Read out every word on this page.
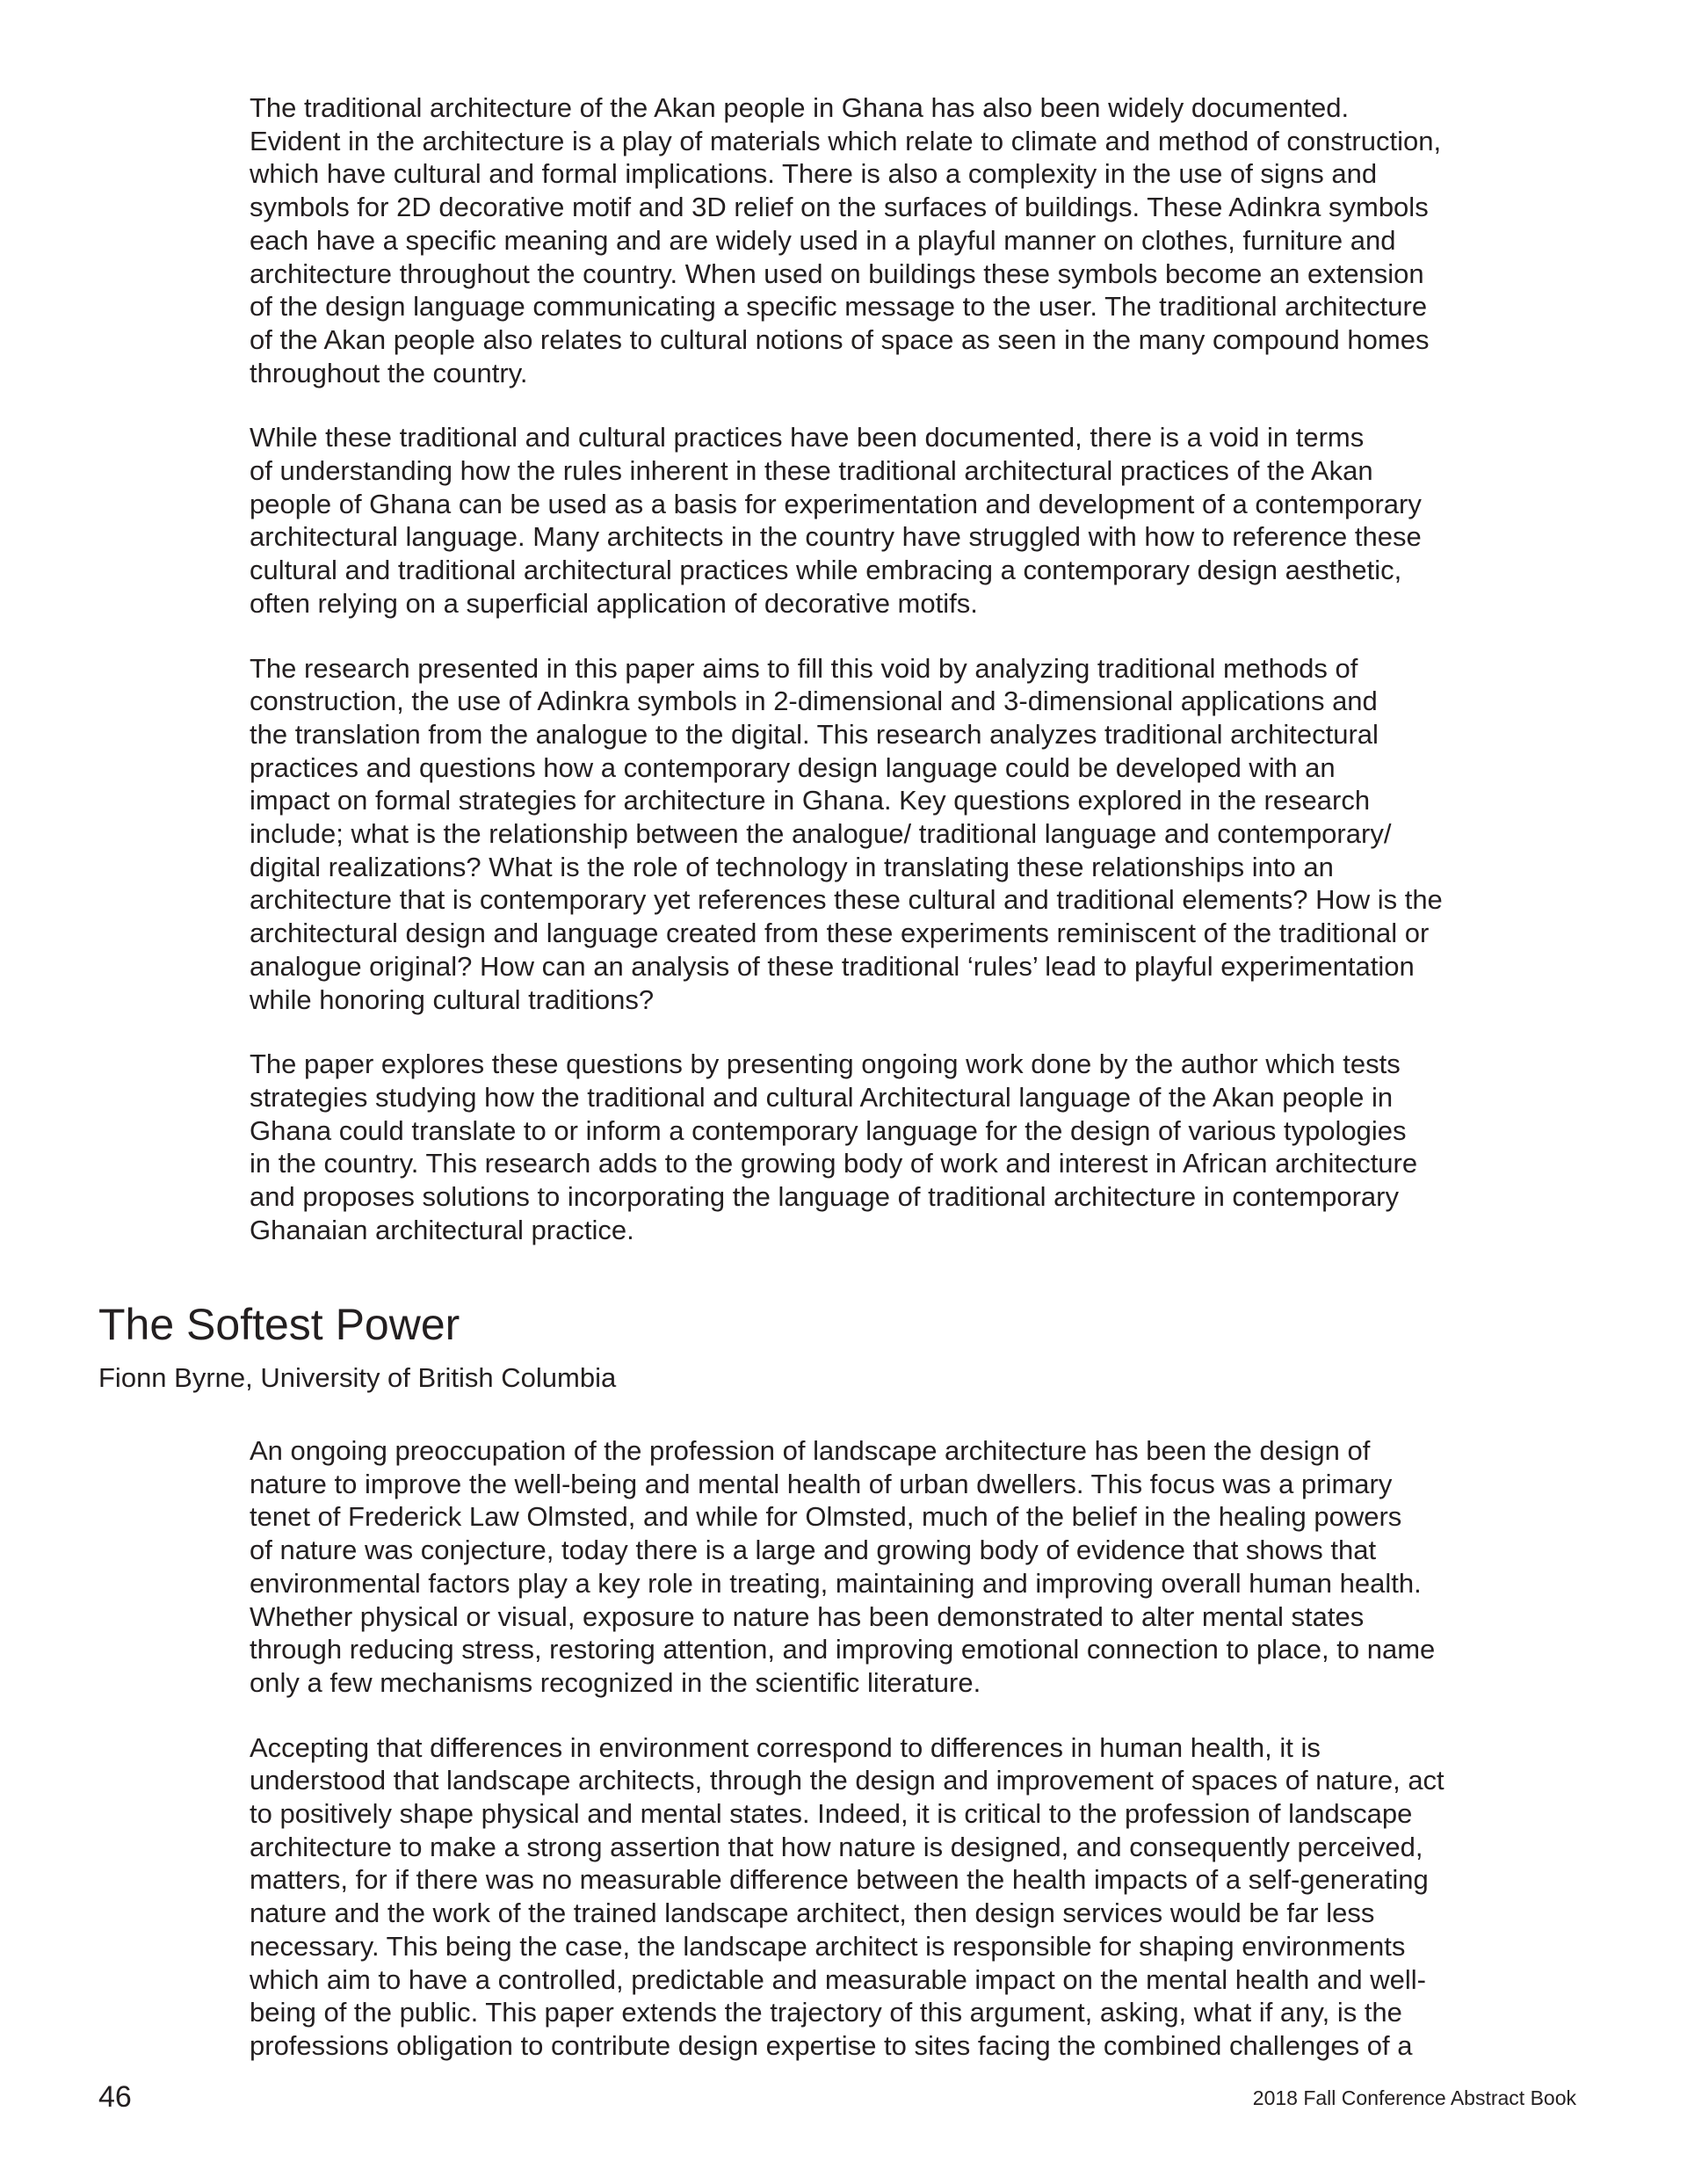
The traditional architecture of the Akan people in Ghana has also been widely documented.
Evident in the architecture is a play of materials which relate to climate and method of construction,
which have cultural and formal implications. There is also a complexity in the use of signs and
symbols for 2D decorative motif and 3D relief on the surfaces of buildings. These Adinkra symbols
each have a specific meaning and are widely used in a playful manner on clothes, furniture and
architecture throughout the country. When used on buildings these symbols become an extension
of the design language communicating a specific message to the user. The traditional architecture
of the Akan people also relates to cultural notions of space as seen in the many compound homes
throughout the country.

While these traditional and cultural practices have been documented, there is a void in terms
of understanding how the rules inherent in these traditional architectural practices of the Akan
people of Ghana can be used as a basis for experimentation and development of a contemporary
architectural language. Many architects in the country have struggled with how to reference these
cultural and traditional architectural practices while embracing a contemporary design aesthetic,
often relying on a superficial application of decorative motifs.

The research presented in this paper aims to fill this void by analyzing traditional methods of
construction, the use of Adinkra symbols in 2-dimensional and 3-dimensional applications and
the translation from the analogue to the digital. This research analyzes traditional architectural
practices and questions how a contemporary design language could be developed with an
impact on formal strategies for architecture in Ghana. Key questions explored in the research
include; what is the relationship between the analogue/ traditional language and contemporary/
digital realizations? What is the role of technology in translating these relationships into an
architecture that is contemporary yet references these cultural and traditional elements? How is the
architectural design and language created from these experiments reminiscent of the traditional or
analogue original? How can an analysis of these traditional ‘rules’ lead to playful experimentation
while honoring cultural traditions?

The paper explores these questions by presenting ongoing work done by the author which tests
strategies studying how the traditional and cultural Architectural language of the Akan people in
Ghana could translate to or inform a contemporary language for the design of various typologies
in the country. This research adds to the growing body of work and interest in African architecture
and proposes solutions to incorporating the language of traditional architecture in contemporary
Ghanaian architectural practice.

The Softest Power

Fionn Byrne, University of British Columbia

An ongoing preoccupation of the profession of landscape architecture has been the design of
nature to improve the well-being and mental health of urban dwellers. This focus was a primary
tenet of Frederick Law Olmsted, and while for Olmsted, much of the belief in the healing powers
of nature was conjecture, today there is a large and growing body of evidence that shows that
environmental factors play a key role in treating, maintaining and improving overall human health.
Whether physical or visual, exposure to nature has been demonstrated to alter mental states
through reducing stress, restoring attention, and improving emotional connection to place, to name
only a few mechanisms recognized in the scientific literature.

Accepting that differences in environment correspond to differences in human health, it is
understood that landscape architects, through the design and improvement of spaces of nature, act
to positively shape physical and mental states. Indeed, it is critical to the profession of landscape
architecture to make a strong assertion that how nature is designed, and consequently perceived,
matters, for if there was no measurable difference between the health impacts of a self-generating
nature and the work of the trained landscape architect, then design services would be far less
necessary. This being the case, the landscape architect is responsible for shaping environments
which aim to have a controlled, predictable and measurable impact on the mental health and well-
being of the public. This paper extends the trajectory of this argument, asking, what if any, is the
professions obligation to contribute design expertise to sites facing the combined challenges of a

46	2018 Fall Conference Abstract Book
